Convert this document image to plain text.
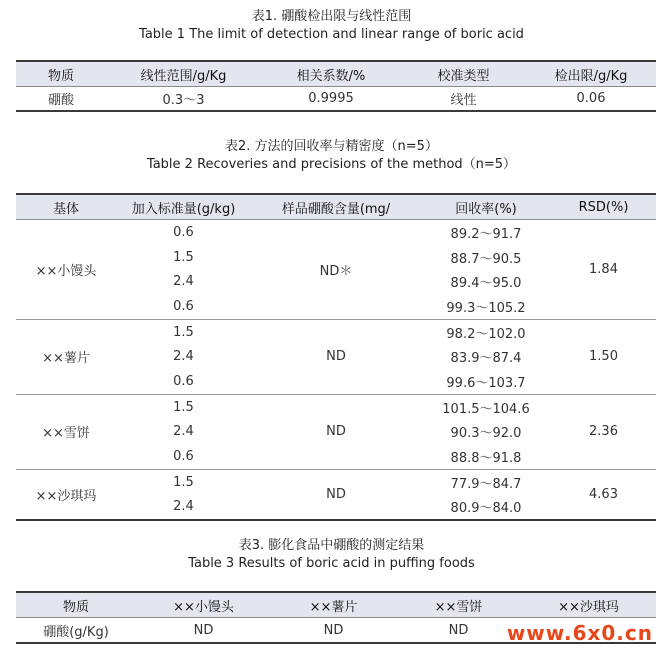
表1. 硼酸检出限与线性范围
Table 1 The limit of detection and linear range of boric acid
物质	线性范围/g/Kg	相关系数/%	校准类型	检出限/g/Kg
硼酸	0.3～3	0.9995	线性	0.06
表2. 方法的回收率与精密度（n=5）
Table 2 Recoveries and precisions of the method（n=5）
基体	加入标准量(g/kg)	样品硼酸含量(mg/	回收率(%)	RSD(%)
××小馒头	0.6	ND＊	89.2～91.7	1.84
	1.5		88.7～90.5	
	2.4		89.4～95.0	
	0.6		99.3～105.2	
××薯片	1.5	ND	98.2～102.0	1.50
	2.4		83.9～87.4	
	0.6		99.6～103.7	
××雪饼	1.5	ND	101.5～104.6	2.36
	2.4		90.3～92.0	
	0.6		88.8～91.8	
××沙琪玛	1.5	ND	77.9～84.7	4.63
	2.4		80.9～84.0	
表3. 膨化食品中硼酸的测定结果
Table 3 Results of boric acid in puffing foods
物质	××小馒头	××薯片	××雪饼	××沙琪玛
硼酸(g/Kg)	ND	ND	ND	www.6x0.cn
